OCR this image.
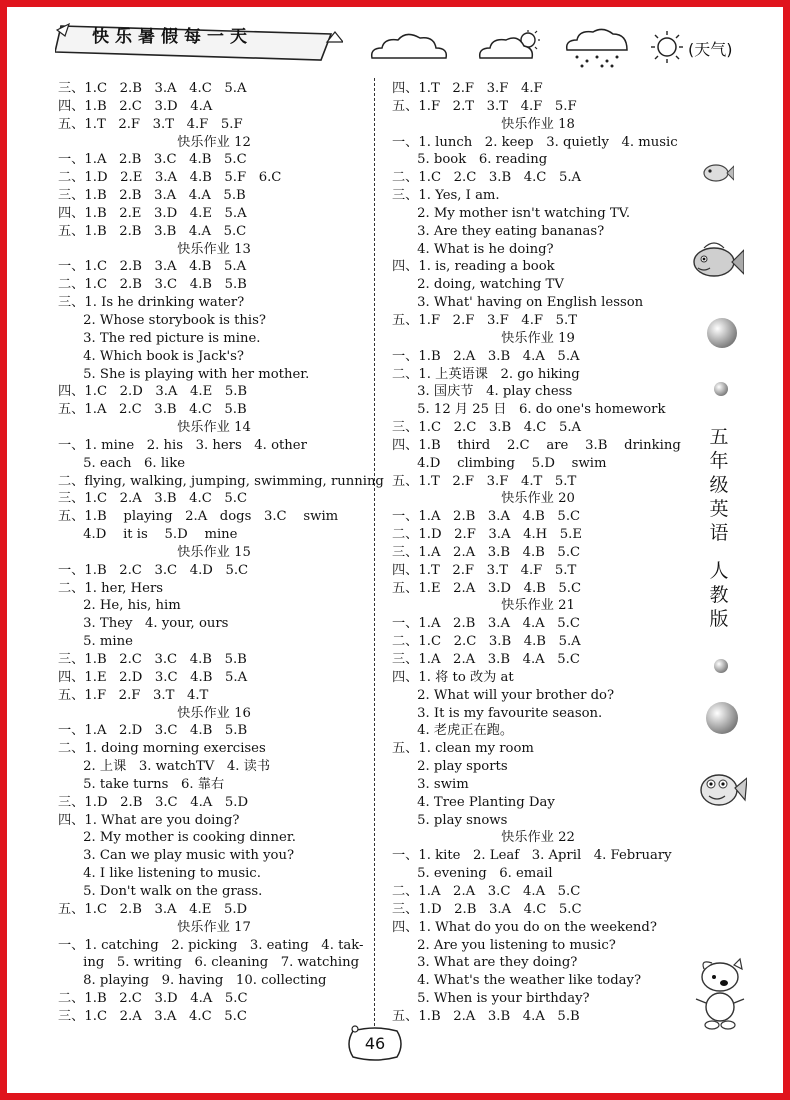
快乐暑假每一天
(天气)
三、1.C   2.B   3.A   4.C   5.A
四、1.B   2.C   3.D   4.A
五、1.T   2.F   3.T   4.F   5.F
快乐作业 12
一、1.A   2.B   3.C   4.B   5.C
二、1.D   2.E   3.A   4.B   5.F   6.C
三、1.B   2.B   3.A   4.A   5.B
四、1.B   2.E   3.D   4.E   5.A
五、1.B   2.B   3.B   4.A   5.C
快乐作业 13
一、1.C   2.B   3.A   4.B   5.A
二、1.C   2.B   3.C   4.B   5.B
三、1. Is he drinking water?
2. Whose storybook is this?
3. The red picture is mine.
4. Which book is Jack's?
5. She is playing with her mother.
四、1.C   2.D   3.A   4.E   5.B
五、1.A   2.C   3.B   4.C   5.B
快乐作业 14
一、1. mine   2. his   3. hers   4. other
5. each   6. like
二、flying, walking, jumping, swimming, running
三、1.C   2.A   3.B   4.C   5.C
五、1.B    playing   2.A   dogs   3.C    swim
4.D    it is    5.D    mine
快乐作业 15
一、1.B   2.C   3.C   4.D   5.C
二、1. her, Hers
2. He, his, him
3. They   4. your, ours
5. mine
三、1.B   2.C   3.C   4.B   5.B
四、1.E   2.D   3.C   4.B   5.A
五、1.F   2.F   3.T   4.T
快乐作业 16
一、1.A   2.D   3.C   4.B   5.B
二、1. doing morning exercises
2. 上课   3. watchTV   4. 读书
5. take turns   6. 靠右
三、1.D   2.B   3.C   4.A   5.D
四、1. What are you doing?
2. My mother is cooking dinner.
3. Can we play music with you?
4. I like listening to music.
5. Don't walk on the grass.
五、1.C   2.B   3.A   4.E   5.D
快乐作业 17
一、1. catching   2. picking   3. eating   4. tak-
ing   5. writing   6. cleaning   7. watching
8. playing   9. having   10. collecting
二、1.B   2.C   3.D   4.A   5.C
三、1.C   2.A   3.A   4.C   5.C
四、1.T   2.F   3.F   4.F
五、1.F   2.T   3.T   4.F   5.F
快乐作业 18
一、1. lunch   2. keep   3. quietly   4. music
5. book   6. reading
二、1.C   2.C   3.B   4.C   5.A
三、1. Yes, I am.
2. My mother isn't watching TV.
3. Are they eating bananas?
4. What is he doing?
四、1. is, reading a book
2. doing, watching TV
3. What' having on English lesson
五、1.F   2.F   3.F   4.F   5.T
快乐作业 19
一、1.B   2.A   3.B   4.A   5.A
二、1. 上英语课   2. go hiking
3. 国庆节   4. play chess
5. 12 月 25 日   6. do one's homework
三、1.C   2.C   3.B   4.C   5.A
四、1.B    third    2.C    are    3.B    drinking
4.D    climbing    5.D    swim
五、1.T   2.F   3.F   4.T   5.T
快乐作业 20
一、1.A   2.B   3.A   4.B   5.C
二、1.D   2.F   3.A   4.H   5.E
三、1.A   2.A   3.B   4.B   5.C
四、1.T   2.F   3.T   4.F   5.T
五、1.E   2.A   3.D   4.B   5.C
快乐作业 21
一、1.A   2.B   3.A   4.A   5.C
二、1.C   2.C   3.B   4.B   5.A
三、1.A   2.A   3.B   4.A   5.C
四、1. 将 to 改为 at
2. What will your brother do?
3. It is my favourite season.
4. 老虎正在跑。
五、1. clean my room
2. play sports
3. swim
4. Tree Planting Day
5. play snows
快乐作业 22
一、1. kite   2. Leaf   3. April   4. February
5. evening   6. email
二、1.A   2.A   3.C   4.A   5.C
三、1.D   2.B   3.A   4.C   5.C
四、1. What do you do on the weekend?
2. Are you listening to music?
3. What are they doing?
4. What's the weather like today?
5. When is your birthday?
五、1.B   2.A   3.B   4.A   5.B
五年级英语
人教版
46
